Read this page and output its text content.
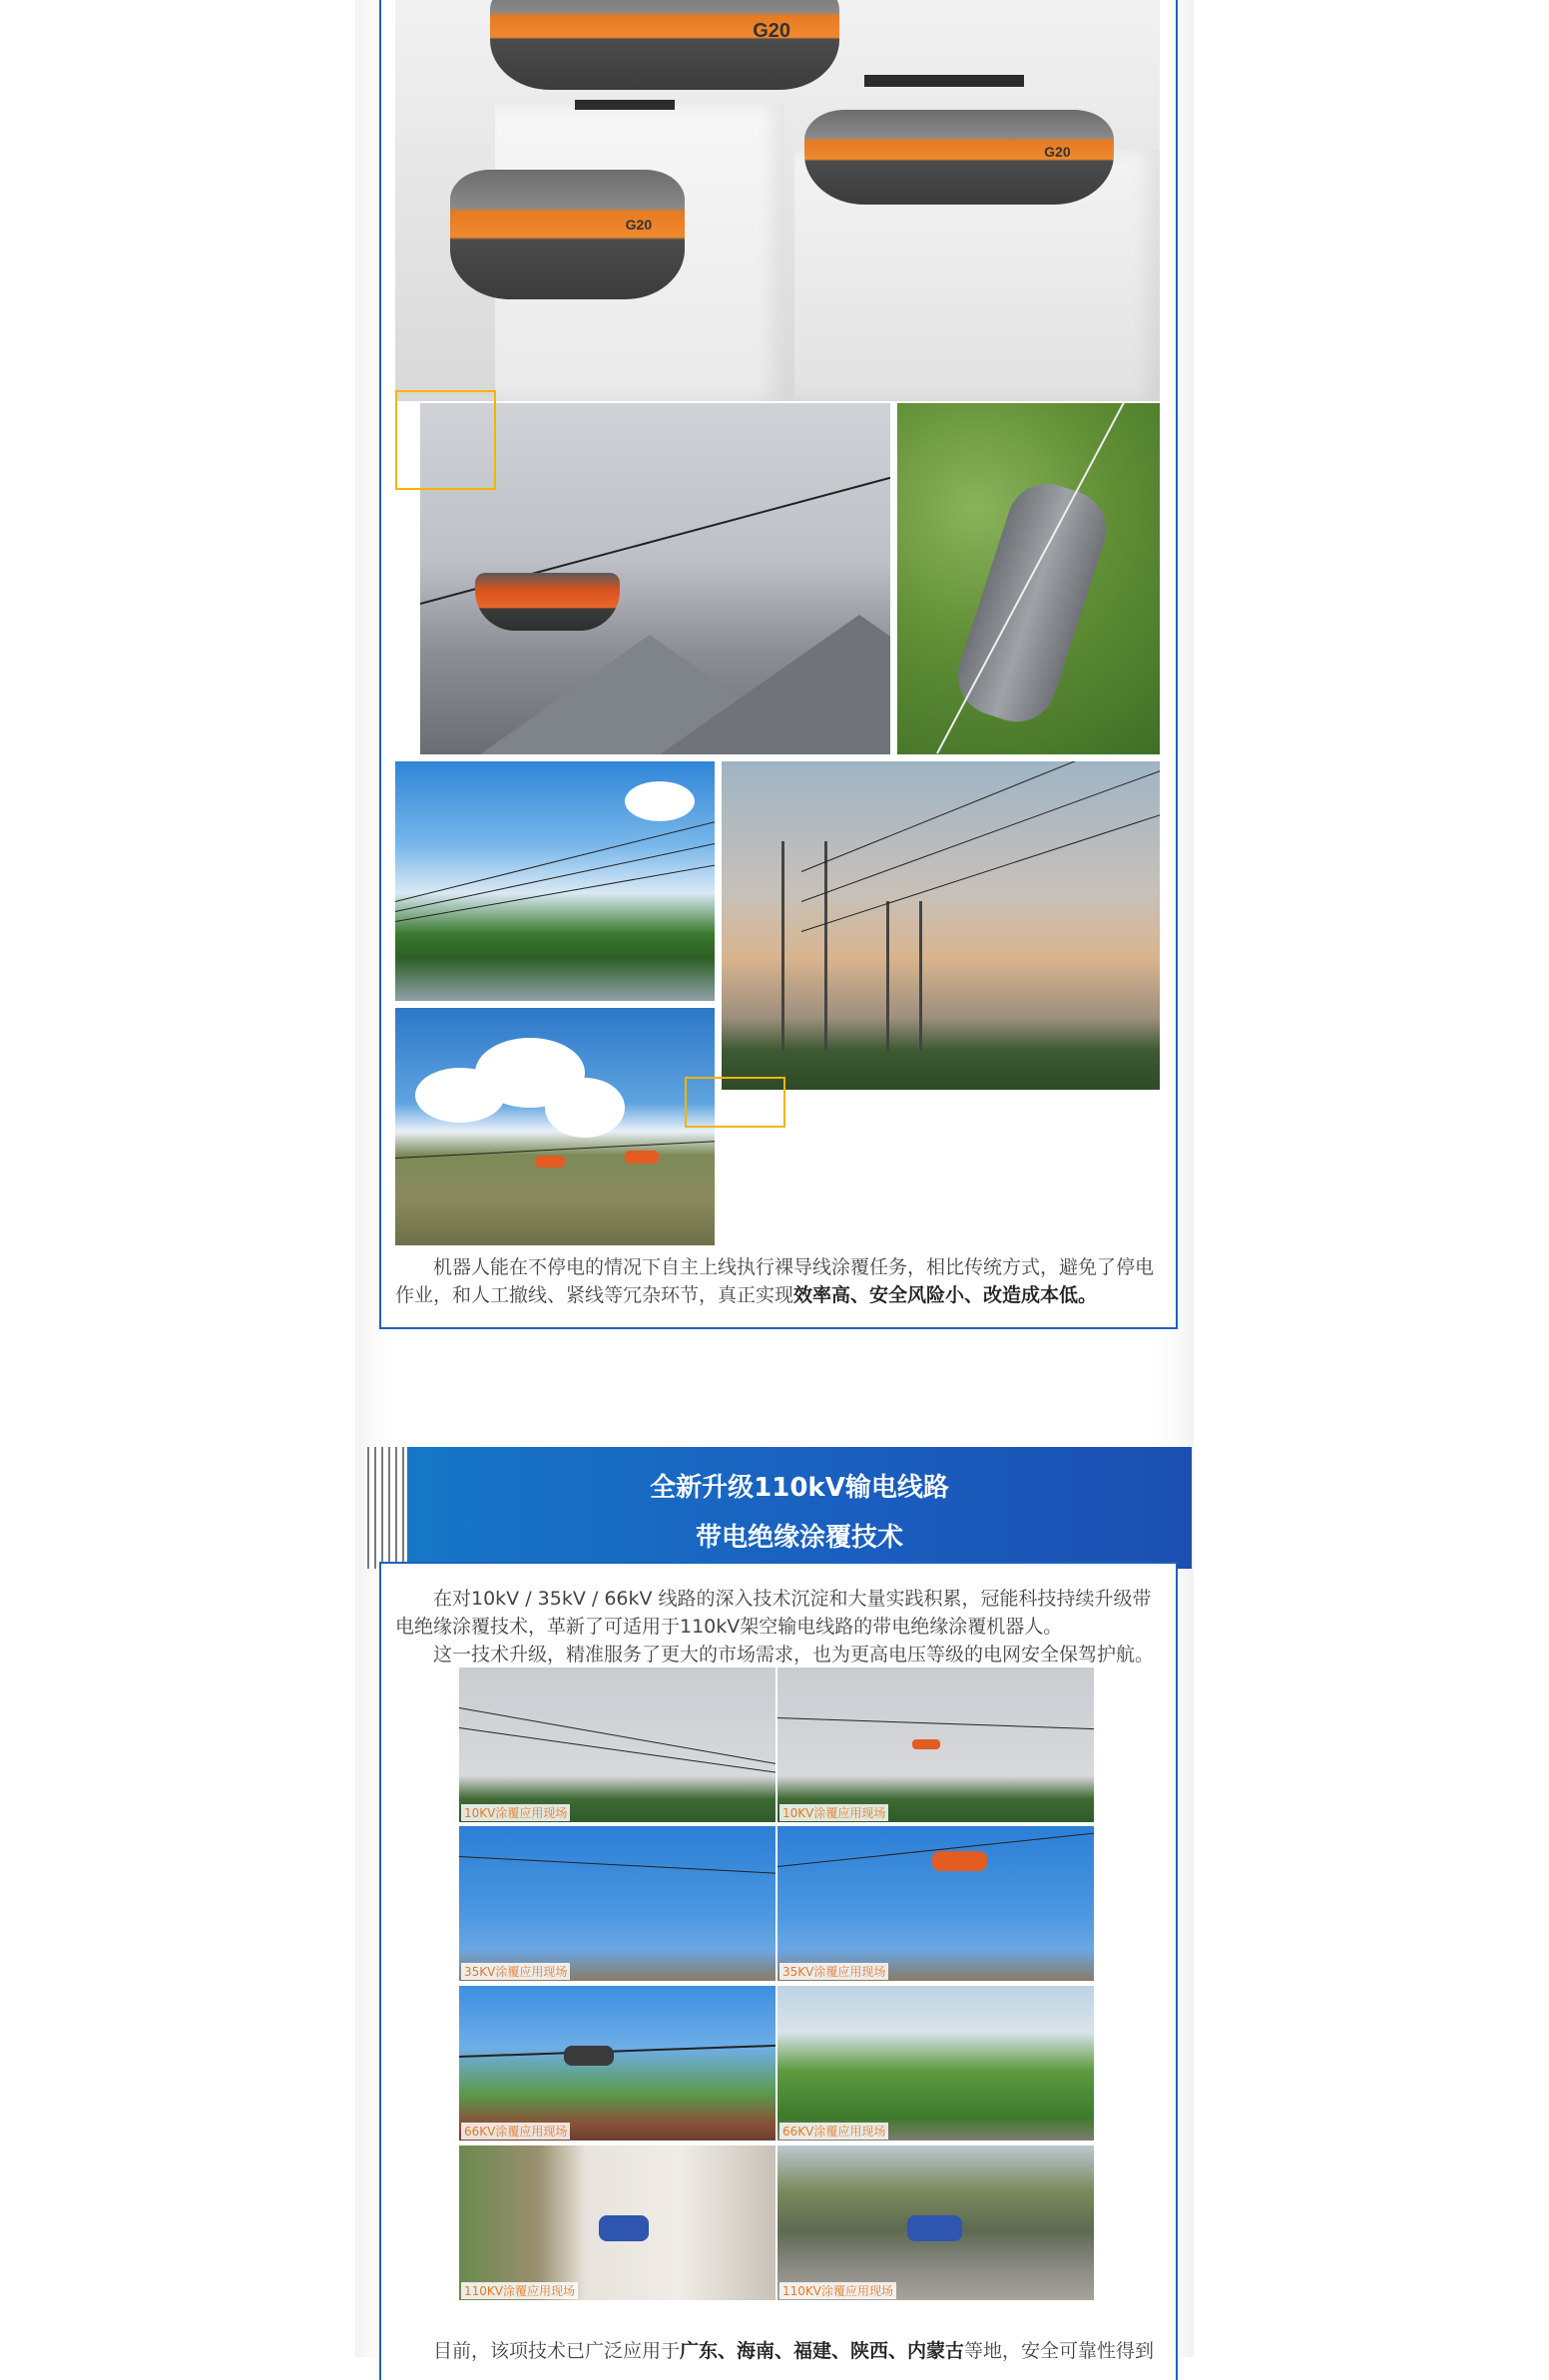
G20
G20
G20

机器人能在不停电的情况下自主上线执行裸导线涂覆任务，相比传统方式，避免了停电作业，和人工撤线、紧线等冗杂环节，真正实现效率高、安全风险小、改造成本低。

全新升级110kV输电线路
带电绝缘涂覆技术
在对10kV / 35kV / 66kV 线路的深入技术沉淀和大量实践积累，冠能科技持续升级带电绝缘涂覆技术，革新了可适用于110kV架空输电线路的带电绝缘涂覆机器人。
这一技术升级，精准服务了更大的市场需求，也为更高电压等级的电网安全保驾护航。
10KV涂覆应用现场	10KV涂覆应用现场
35KV涂覆应用现场	35KV涂覆应用现场
66KV涂覆应用现场	66KV涂覆应用现场
110KV涂覆应用现场	110KV涂覆应用现场

目前，该项技术已广泛应用于广东、海南、福建、陕西、内蒙古等地，安全可靠性得到
